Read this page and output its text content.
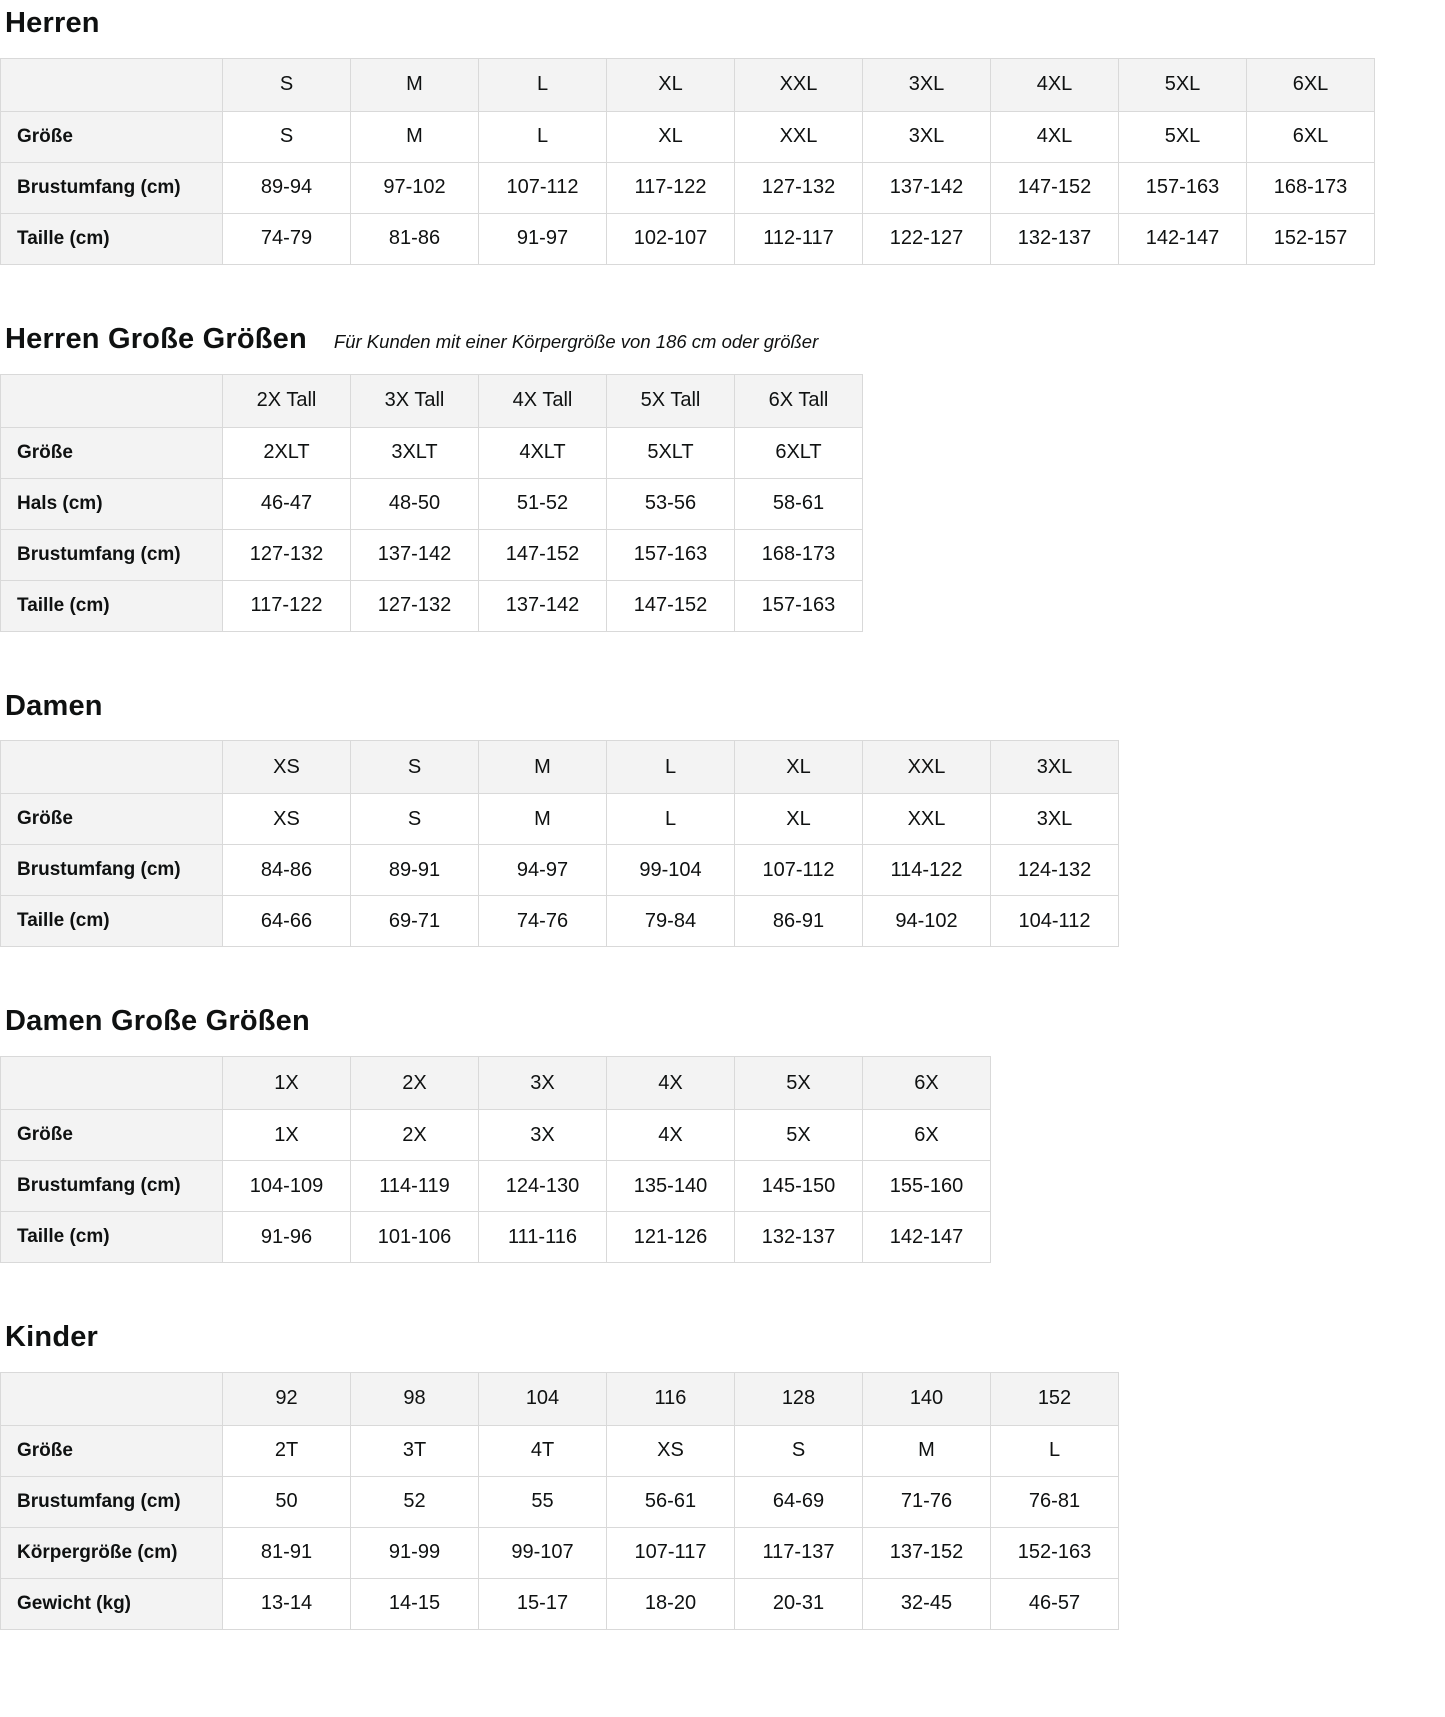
Herren
	S	M	L	XL	XXL	3XL	4XL	5XL	6XL
Größe	S	M	L	XL	XXL	3XL	4XL	5XL	6XL
Brustumfang (cm)	89-94	97-102	107-112	117-122	127-132	137-142	147-152	157-163	168-173
Taille (cm)	74-79	81-86	91-97	102-107	112-117	122-127	132-137	142-147	152-157
Herren Große Größen Für Kunden mit einer Körpergröße von 186 cm oder größer
	2X Tall	3X Tall	4X Tall	5X Tall	6X Tall
Größe	2XLT	3XLT	4XLT	5XLT	6XLT
Hals (cm)	46-47	48-50	51-52	53-56	58-61
Brustumfang (cm)	127-132	137-142	147-152	157-163	168-173
Taille (cm)	117-122	127-132	137-142	147-152	157-163
Damen
	XS	S	M	L	XL	XXL	3XL
Größe	XS	S	M	L	XL	XXL	3XL
Brustumfang (cm)	84-86	89-91	94-97	99-104	107-112	114-122	124-132
Taille (cm)	64-66	69-71	74-76	79-84	86-91	94-102	104-112
Damen Große Größen
	1X	2X	3X	4X	5X	6X
Größe	1X	2X	3X	4X	5X	6X
Brustumfang (cm)	104-109	114-119	124-130	135-140	145-150	155-160
Taille (cm)	91-96	101-106	111-116	121-126	132-137	142-147
Kinder
	92	98	104	116	128	140	152
Größe	2T	3T	4T	XS	S	M	L
Brustumfang (cm)	50	52	55	56-61	64-69	71-76	76-81
Körpergröße (cm)	81-91	91-99	99-107	107-117	117-137	137-152	152-163
Gewicht (kg)	13-14	14-15	15-17	18-20	20-31	32-45	46-57
